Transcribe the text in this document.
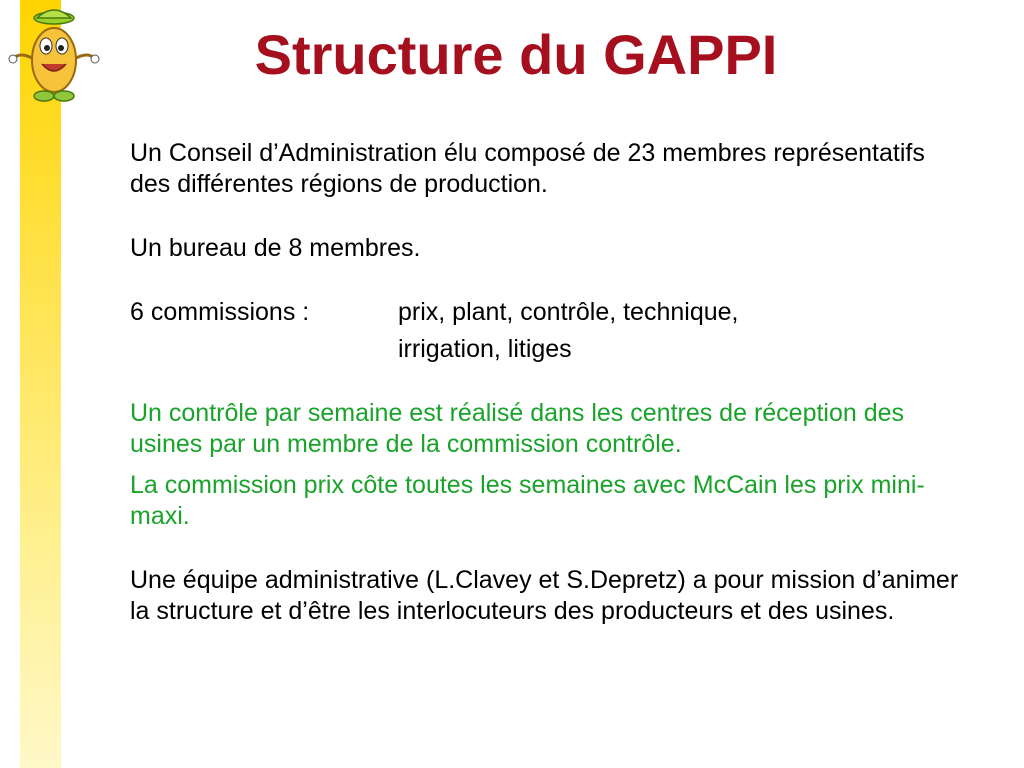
Structure du GAPPI

Un Conseil d’Administration élu composé de 23 membres représentatifs des différentes régions de production.

Un bureau de 8 membres.

6 commissions :	prix, plant, contrôle, technique,
irrigation, litiges

Un contrôle par semaine est réalisé dans les centres de réception des usines par un membre de la commission contrôle.

La commission prix côte toutes les semaines avec McCain les prix mini-maxi.

Une équipe administrative (L.Clavey et S.Depretz) a pour mission d’animer la structure et d’être les interlocuteurs des producteurs et des usines.
